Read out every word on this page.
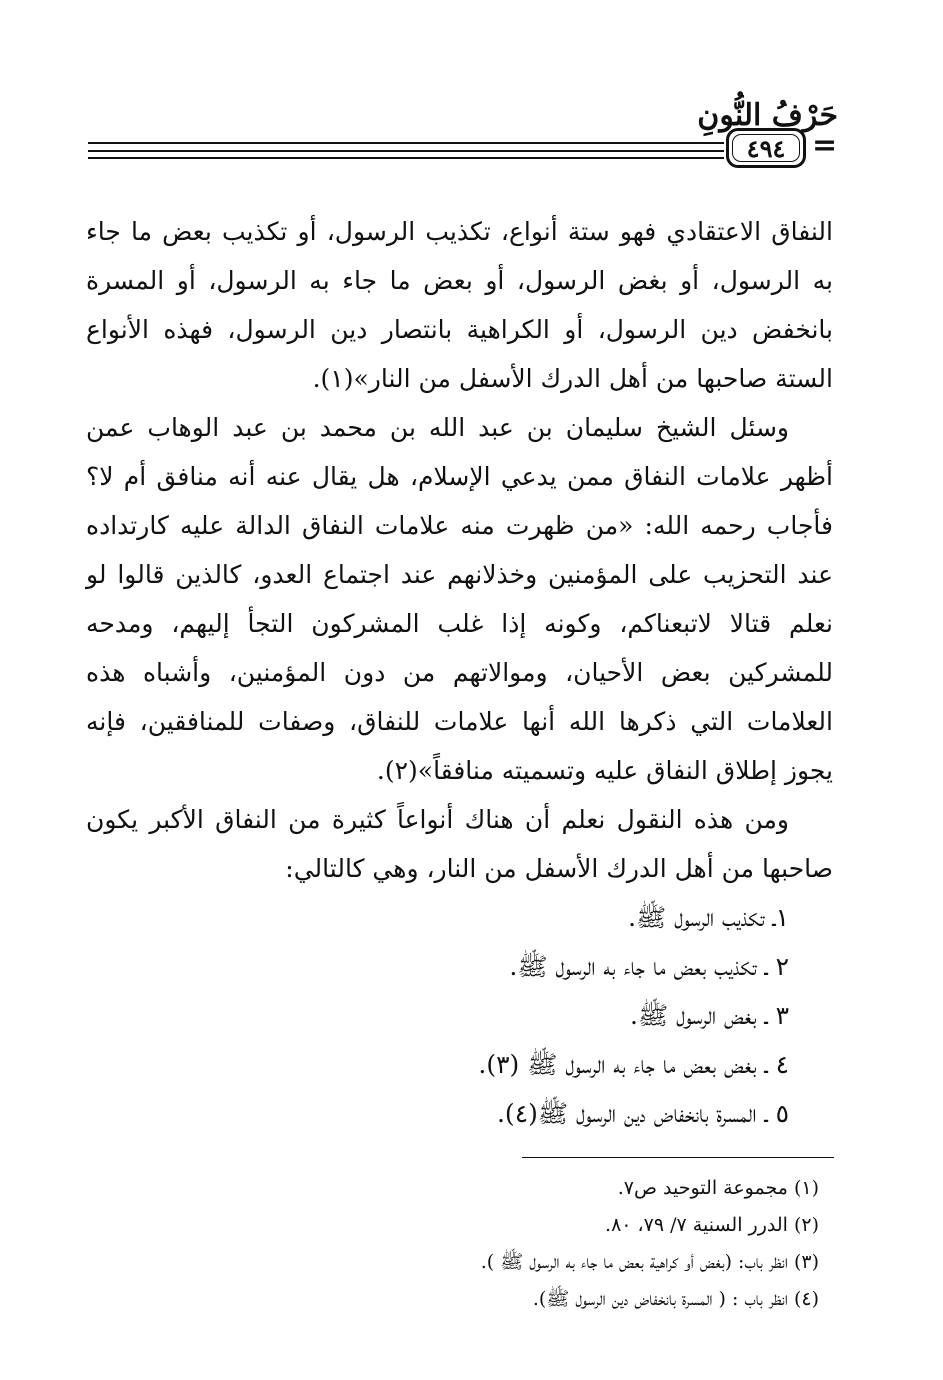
حَرْفُ النُّونِ
٤٩٤ =

النفاق الاعتقادي فهو ستة أنواع، تكذيب الرسول، أو تكذيب بعض ما جاء به الرسول، أو بغض الرسول، أو بعض ما جاء به الرسول، أو المسرة بانخفض دين الرسول، أو الكراهية بانتصار دين الرسول، فهذه الأنواع الستة صاحبها من أهل الدرك الأسفل من النار»(١).

وسئل الشيخ سليمان بن عبد الله بن محمد بن عبد الوهاب عمن أظهر علامات النفاق ممن يدعي الإسلام، هل يقال عنه أنه منافق أم لا؟ فأجاب رحمه الله: «من ظهرت منه علامات النفاق الدالة عليه كارتداده عند التحزيب على المؤمنين وخذلانهم عند اجتماع العدو، كالذين قالوا لو نعلم قتالا لاتبعناكم، وكونه إذا غلب المشركون التجأ إليهم، ومدحه للمشركين بعض الأحيان، وموالاتهم من دون المؤمنين، وأشباه هذه العلامات التي ذكرها الله أنها علامات للنفاق، وصفات للمنافقين، فإنه يجوز إطلاق النفاق عليه وتسميته منافقاً»(٢).

ومن هذه النقول نعلم أن هناك أنواعاً كثيرة من النفاق الأكبر يكون صاحبها من أهل الدرك الأسفل من النار، وهي كالتالي:

١ـ تكذيب الرسول ﷺ.
٢ ـ تكذيب بعض ما جاء به الرسول ﷺ.
٣ ـ بغض الرسول ﷺ.
٤ ـ بغض بعض ما جاء به الرسول ﷺ (٣).
٥ ـ المسرة بانخفاض دين الرسول ﷺ(٤).
(١) مجموعة التوحيد ص٧.
(٢) الدرر السنية ٧/ ٧٩، ٨٠.
(٣) انظر باب: (بغض أو كراهية بعض ما جاء به الرسول ﷺ ).
(٤) انظر باب : ( المسرة بانخفاض دين الرسول ﷺ).
